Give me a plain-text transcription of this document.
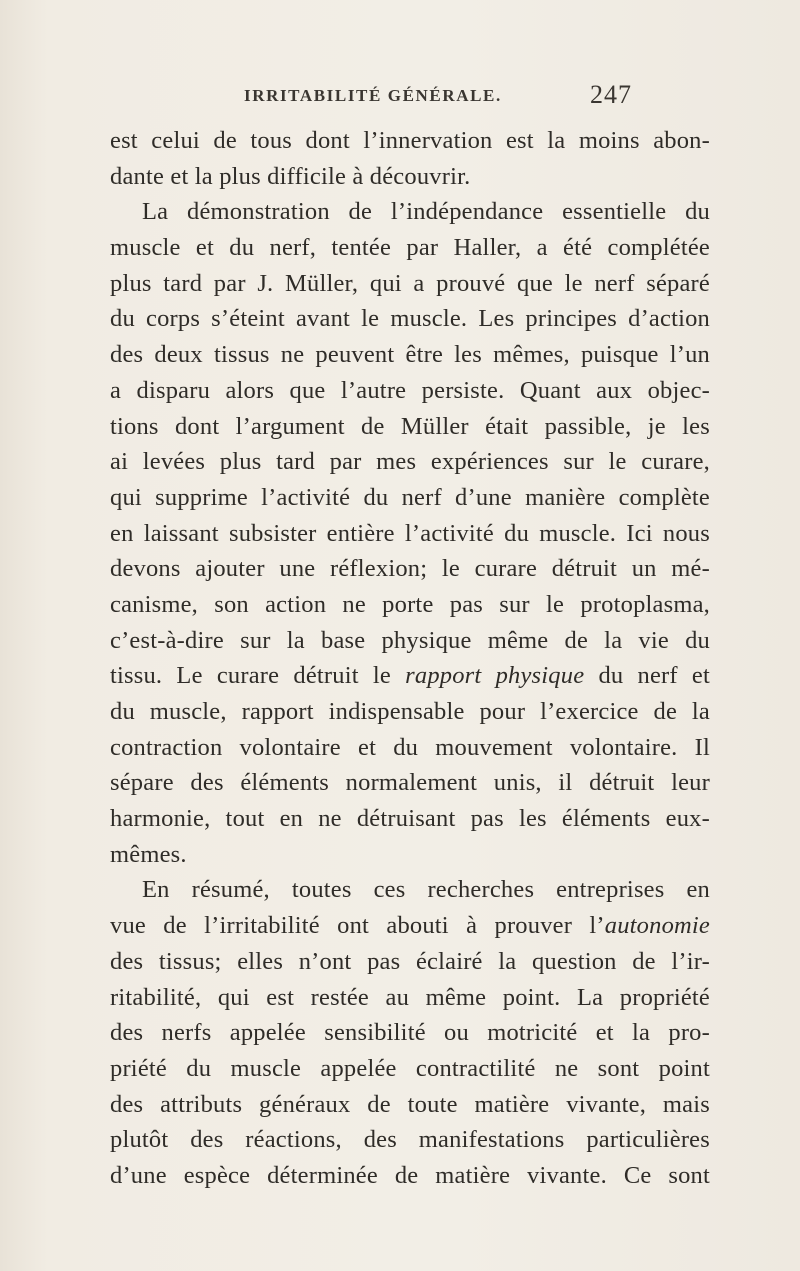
IRRITABILITÉ GÉNÉRALE.	247
est celui de tous dont l’innervation est la moins abon-
dante et la plus difficile à découvrir.
La démonstration de l’indépendance essentielle du
muscle et du nerf, tentée par Haller, a été complétée
plus tard par J. Müller, qui a prouvé que le nerf séparé
du corps s’éteint avant le muscle. Les principes d’action
des deux tissus ne peuvent être les mêmes, puisque l’un
a disparu alors que l’autre persiste. Quant aux objec-
tions dont l’argument de Müller était passible, je les
ai levées plus tard par mes expériences sur le curare,
qui supprime l’activité du nerf d’une manière complète
en laissant subsister entière l’activité du muscle. Ici nous
devons ajouter une réflexion; le curare détruit un mé-
canisme, son action ne porte pas sur le protoplasma,
c’est-à-dire sur la base physique même de la vie du
tissu. Le curare détruit le rapport physique du nerf et
du muscle, rapport indispensable pour l’exercice de la
contraction volontaire et du mouvement volontaire. Il
sépare des éléments normalement unis, il détruit leur
harmonie, tout en ne détruisant pas les éléments eux-
mêmes.
En résumé, toutes ces recherches entreprises en
vue de l’irritabilité ont abouti à prouver l’autonomie
des tissus; elles n’ont pas éclairé la question de l’ir-
ritabilité, qui est restée au même point. La propriété
des nerfs appelée sensibilité ou motricité et la pro-
priété du muscle appelée contractilité ne sont point
des attributs généraux de toute matière vivante, mais
plutôt des réactions, des manifestations particulières
d’une espèce déterminée de matière vivante. Ce sont
